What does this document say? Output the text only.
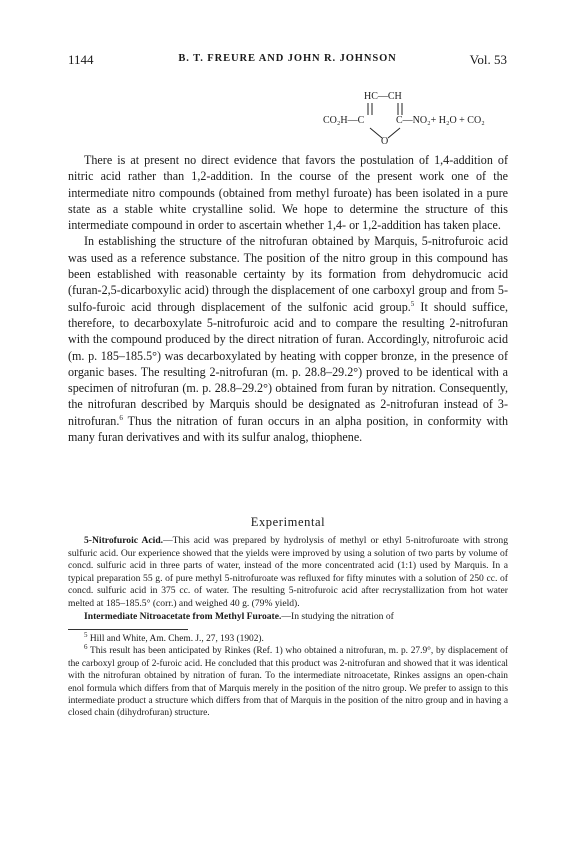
1144	B. T. FREURE AND JOHN R. JOHNSON	Vol. 53
HC—CH
CO₂H—C	C—NO₂+ H₂O + CO₂
O

There is at present no direct evidence that favors the postulation of 1,4-addition of nitric acid rather than 1,2-addition. In the course of the present work one of the intermediate nitro compounds (obtained from methyl furoate) has been isolated in a pure state as a stable white crystalline solid. We hope to determine the structure of this intermediate compound in order to ascertain whether 1,4- or 1,2-addition has taken place.

In establishing the structure of the nitrofuran obtained by Marquis, 5-nitrofuroic acid was used as a reference substance. The position of the nitro group in this compound has been established with reasonable certainty by its formation from dehydromucic acid (furan-2,5-dicarboxylic acid) through the displacement of one carboxyl group and from 5-sulfo-furoic acid through displacement of the sulfonic acid group.$^5$ It should suffice, therefore, to decarboxylate 5-nitrofuroic acid and to compare the resulting 2-nitrofuran with the compound produced by the direct nitration of furan. Accordingly, nitrofuroic acid (m. p. 185–185.5°) was decarboxylated by heating with copper bronze, in the presence of organic bases. The resulting 2-nitrofuran (m. p. 28.8–29.2°) proved to be identical with a specimen of nitrofuran (m. p. 28.8–29.2°) obtained from furan by nitration. Consequently, the nitrofuran described by Marquis should be designated as 2-nitrofuran instead of 3-nitrofuran.$^6$ Thus the nitration of furan occurs in an alpha position, in conformity with many furan derivatives and with its sulfur analog, thiophene.

Experimental

5-Nitrofuroic Acid.—This acid was prepared by hydrolysis of methyl or ethyl 5-nitrofuroate with strong sulfuric acid. Our experience showed that the yields were improved by using a solution of two parts by volume of concd. sulfuric acid in three parts of water, instead of the more concentrated acid (1:1) used by Marquis. In a typical preparation 55 g. of pure methyl 5-nitrofuroate was refluxed for fifty minutes with a solution of 250 cc. of concd. sulfuric acid in 375 cc. of water. The resulting 5-nitrofuroic acid after recrystallization from hot water melted at 185–185.5° (corr.) and weighed 40 g. (79% yield).

Intermediate Nitroacetate from Methyl Furoate.—In studying the nitration of

$^5$ Hill and White, Am. Chem. J., 27, 193 (1902).

$^6$ This result has been anticipated by Rinkes (Ref. 1) who obtained a nitrofuran, m. p. 27.9°, by displacement of the carboxyl group of 2-furoic acid. He concluded that this product was 2-nitrofuran and showed that it was identical with the nitrofuran obtained by nitration of furan. To the intermediate nitroacetate, Rinkes assigns an open-chain enol formula which differs from that of Marquis merely in the position of the nitro group. We prefer to assign to this intermediate product a structure which differs from that of Marquis in the position of the nitro group and in having a closed chain (dihydrofuran) structure.
